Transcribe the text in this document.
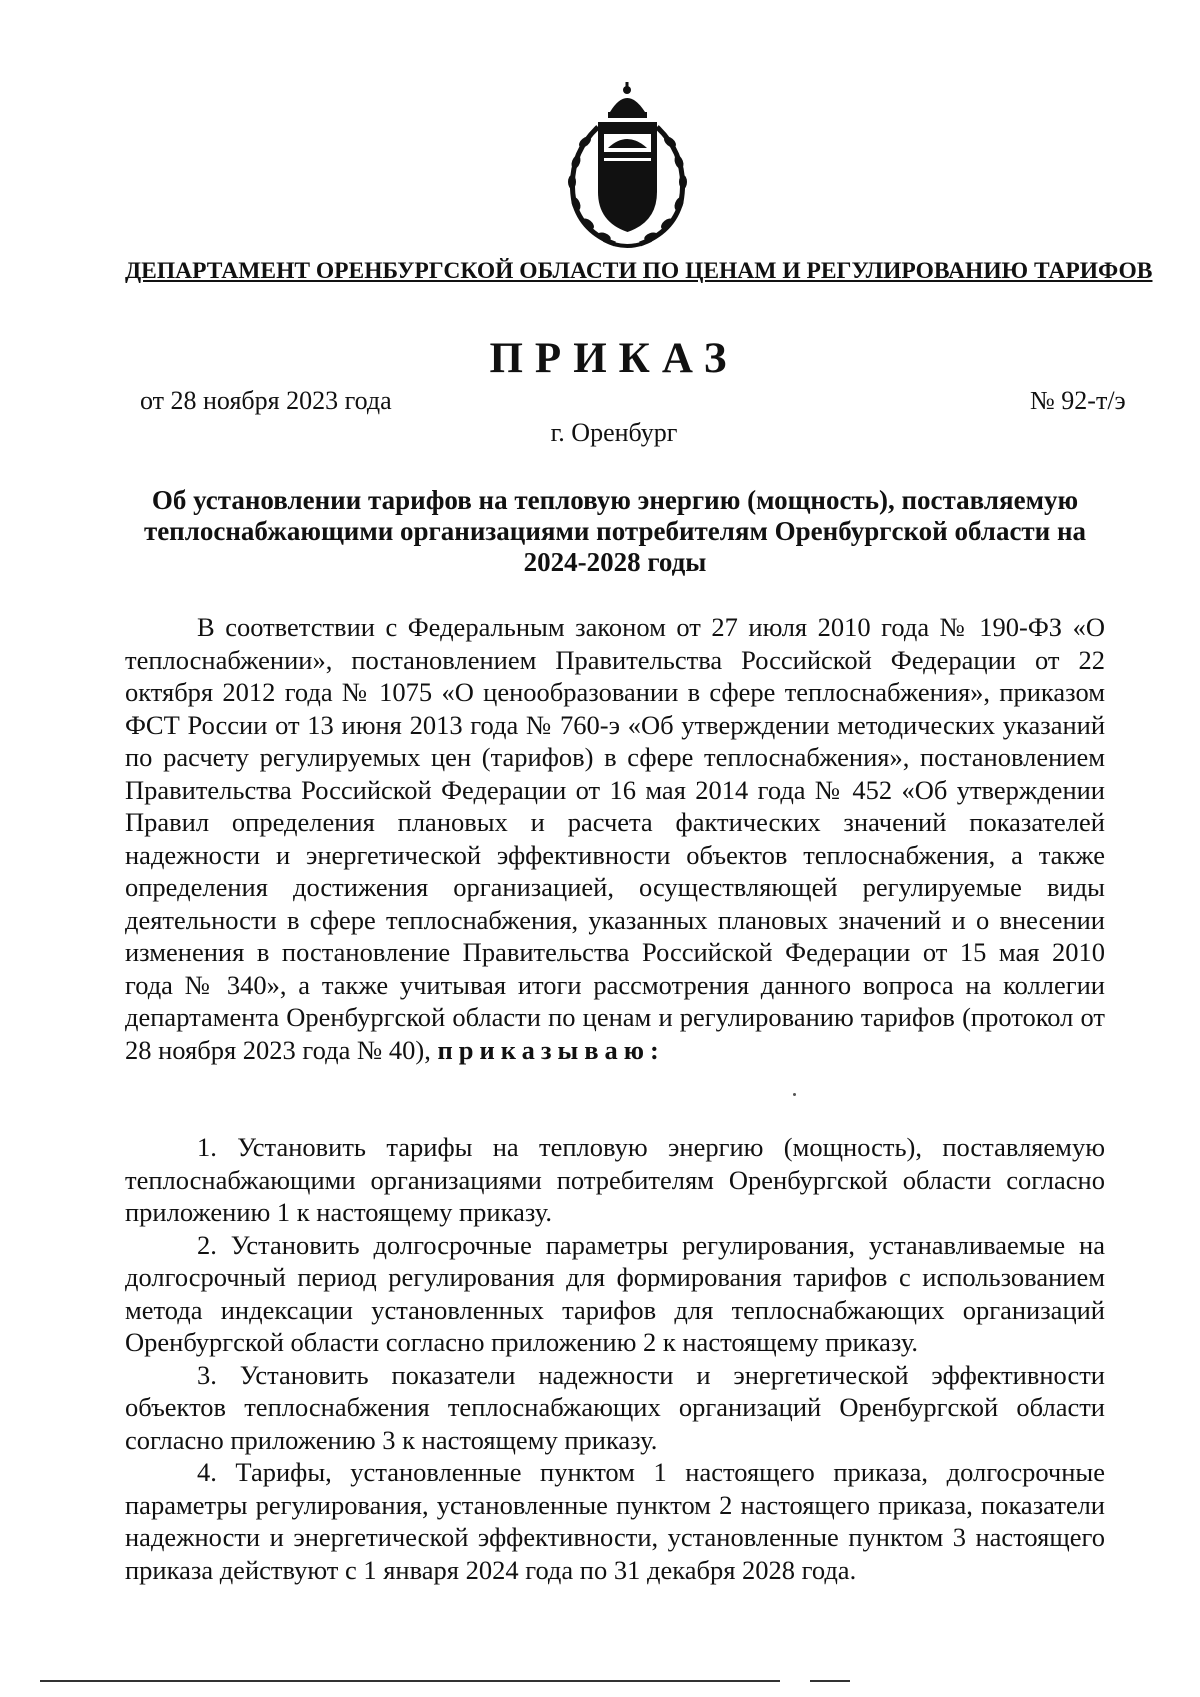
ДЕПАРТАМЕНТ ОРЕНБУРГСКОЙ ОБЛАСТИ ПО ЦЕНАМ И РЕГУЛИРОВАНИЮ ТАРИФОВ
ПРИКАЗ
от 28 ноября 2023 года	№ 92-т/э
г. Оренбург
Об установлении тарифов на тепловую энергию (мощность), поставляемую теплоснабжающими организациями потребителям Оренбургской области на 2024-2028 годы
В соответствии с Федеральным законом от 27 июля 2010 года № 190-ФЗ «О теплоснабжении», постановлением Правительства Российской Федерации от 22 октября 2012 года № 1075 «О ценообразовании в сфере теплоснабжения», приказом ФСТ России от 13 июня 2013 года № 760-э «Об утверждении методических указаний по расчету регулируемых цен (тарифов) в сфере теплоснабжения», постановлением Правительства Российской Федерации от 16 мая 2014 года № 452 «Об утверждении Правил определения плановых и расчета фактических значений показателей надежности и энергетической эффективности объектов теплоснабжения, а также определения достижения организацией, осуществляющей регулируемые виды деятельности в сфере теплоснабжения, указанных плановых значений и о внесении изменения в постановление Правительства Российской Федерации от 15 мая 2010 года № 340», а также учитывая итоги рассмотрения данного вопроса на коллегии департамента Оренбургской области по ценам и регулированию тарифов (протокол от 28 ноября 2023 года № 40), приказываю:

1. Установить тарифы на тепловую энергию (мощность), поставляемую теплоснабжающими организациями потребителям Оренбургской области согласно приложению 1 к настоящему приказу.

2. Установить долгосрочные параметры регулирования, устанавливаемые на долгосрочный период регулирования для формирования тарифов с использованием метода индексации установленных тарифов для теплоснабжающих организаций Оренбургской области согласно приложению 2 к настоящему приказу.

3. Установить показатели надежности и энергетической эффективности объектов теплоснабжения теплоснабжающих организаций Оренбургской области согласно приложению 3 к настоящему приказу.

4. Тарифы, установленные пунктом 1 настоящего приказа, долгосрочные параметры регулирования, установленные пунктом 2 настоящего приказа, показатели надежности и энергетической эффективности, установленные пунктом 3 настоящего приказа действуют с 1 января 2024 года по 31 декабря 2028 года.
